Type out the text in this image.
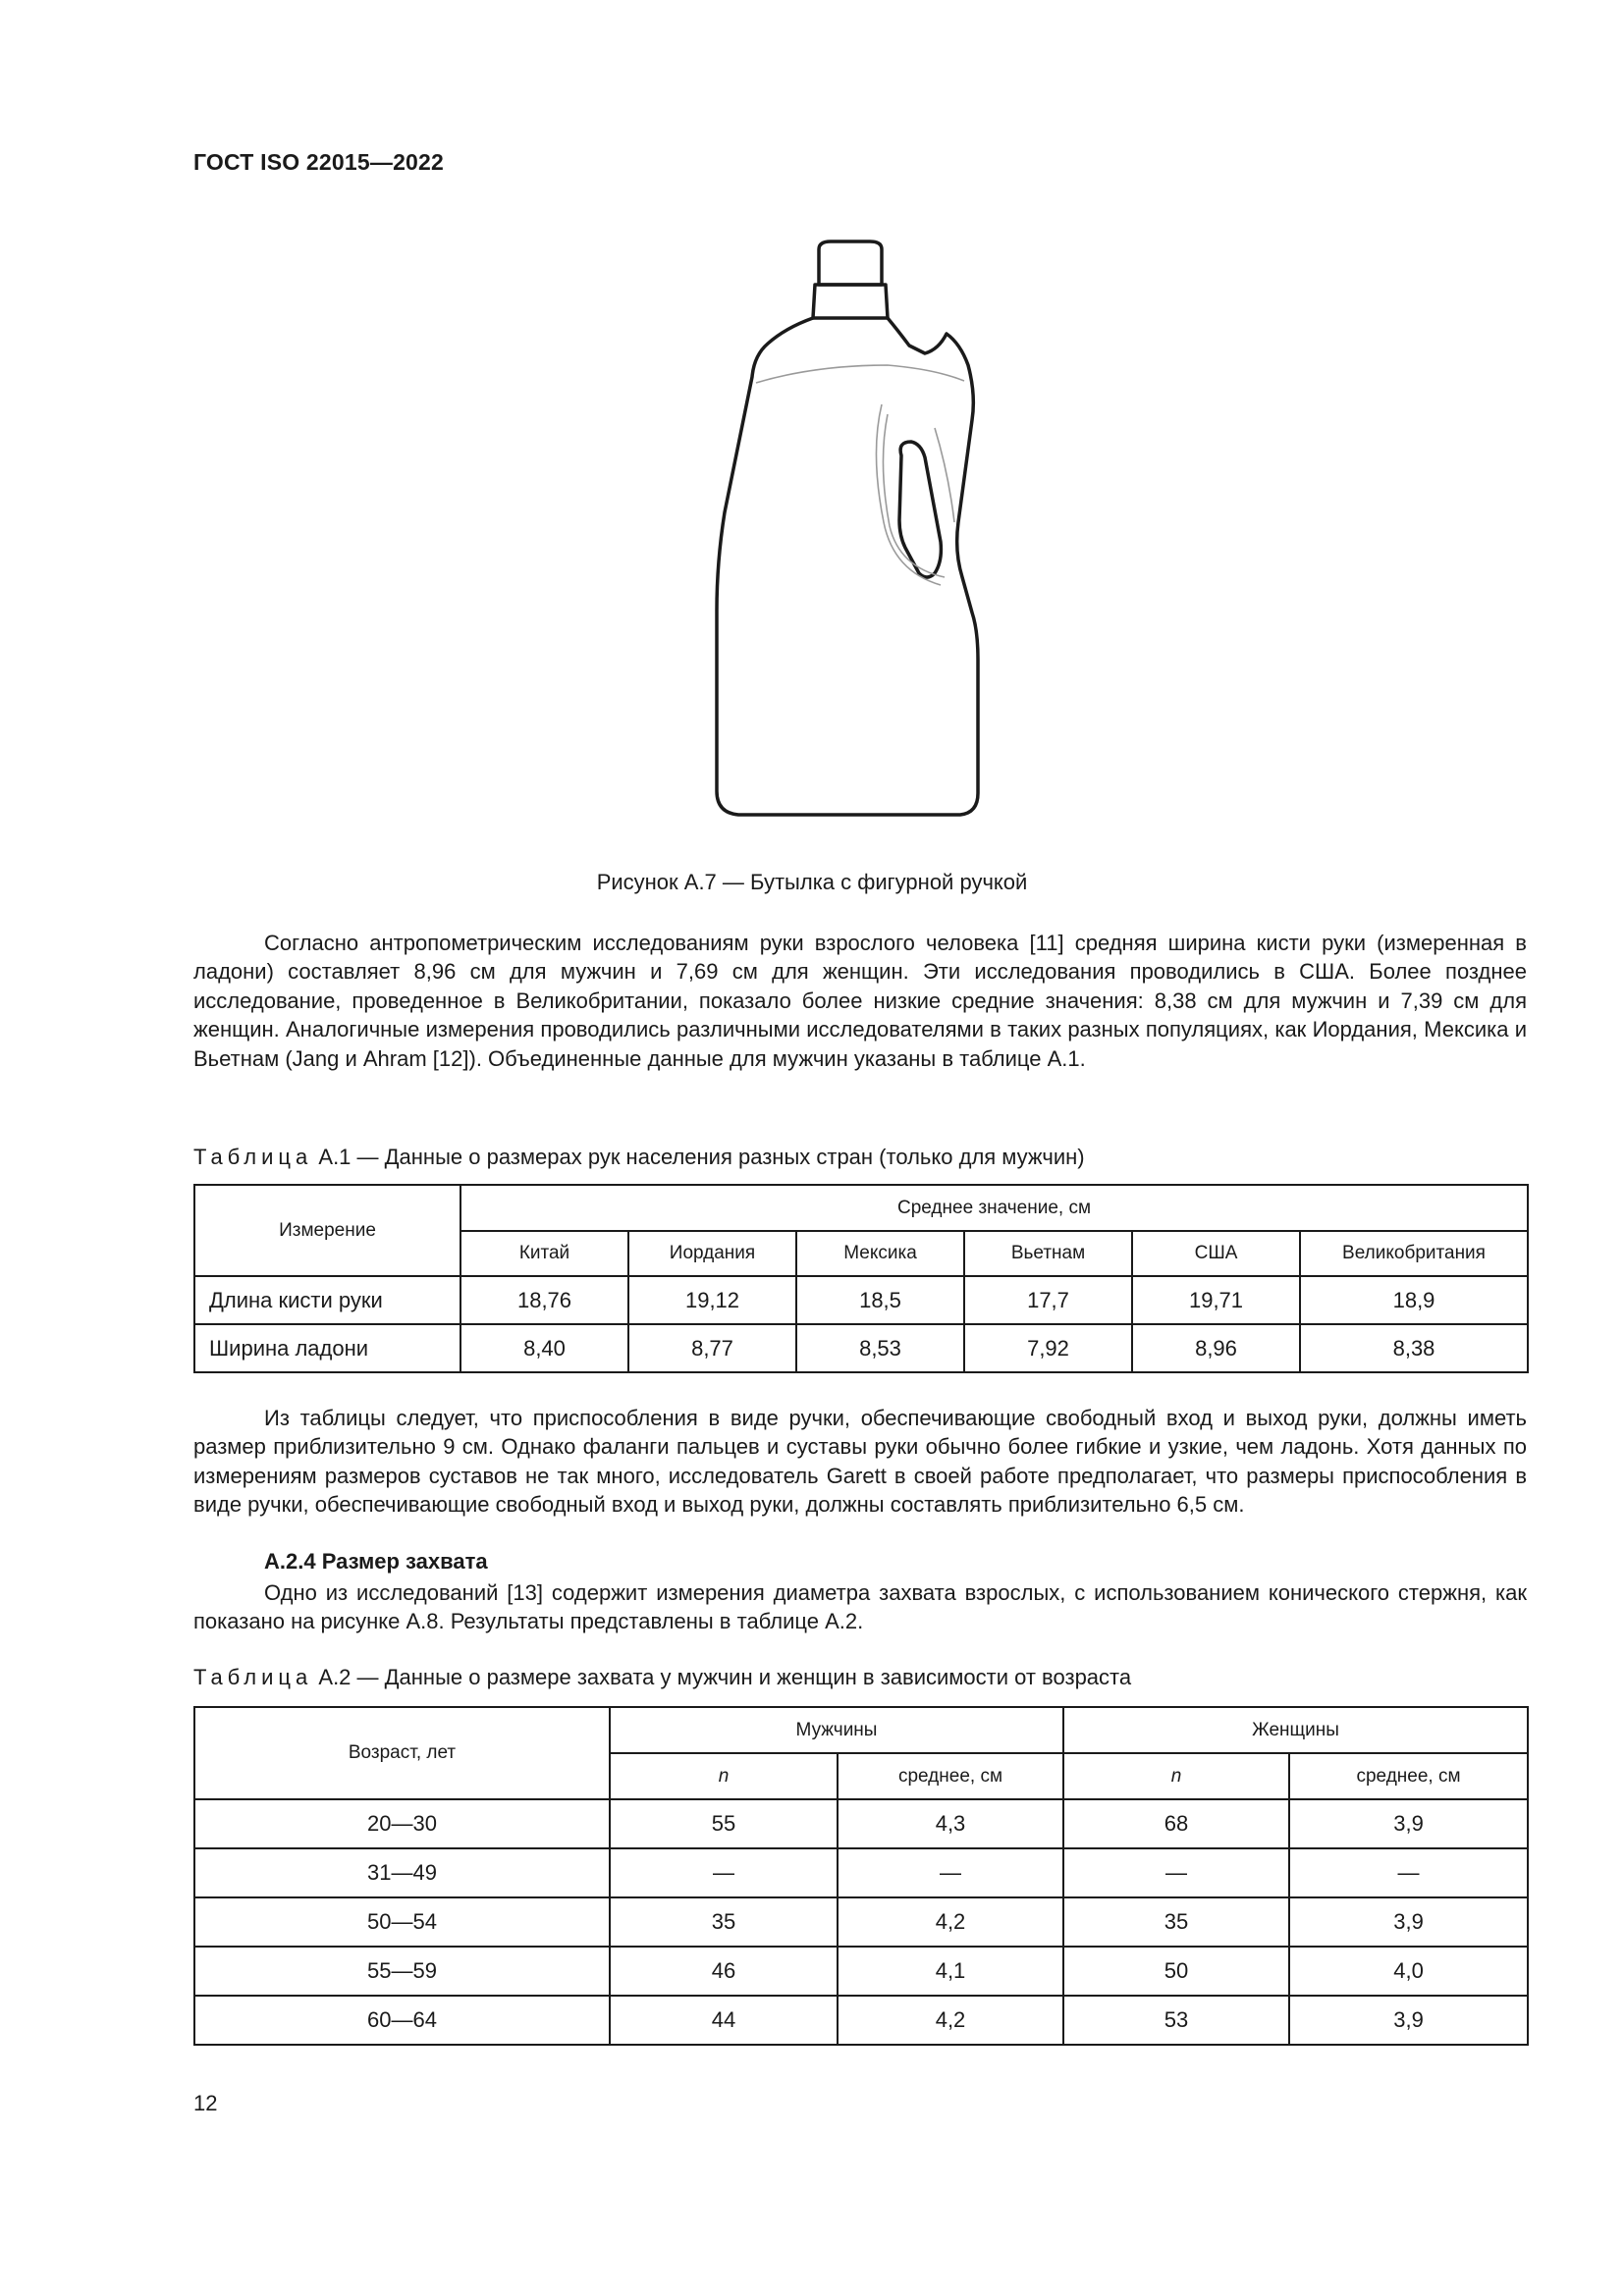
ГОСТ ISO 22015—2022
Рисунок А.7 — Бутылка с фигурной ручкой
Согласно антропометрическим исследованиям руки взрослого человека [11] средняя ширина кисти руки (измеренная в ладони) составляет 8,96 см для мужчин и 7,69 см для женщин. Эти исследования проводились в США. Более позднее исследование, проведенное в Великобритании, показало более низкие средние значения: 8,38 см для мужчин и 7,39 см для женщин. Аналогичные измерения проводились различными исследователями в таких разных популяциях, как Иордания, Мексика и Вьетнам (Jang и Ahram [12]). Объединенные данные для мужчин указаны в таблице А.1.
Таблица А.1 — Данные о размерах рук населения разных стран (только для мужчин)
Измерение	Среднее значение, см					
	Китай	Иордания	Мексика	Вьетнам	США	Великобритания
Длина кисти руки	18,76	19,12	18,5	17,7	19,71	18,9
Ширина ладони	8,40	8,77	8,53	7,92	8,96	8,38
Из таблицы следует, что приспособления в виде ручки, обеспечивающие свободный вход и выход руки, должны иметь размер приблизительно 9 см. Однако фаланги пальцев и суставы руки обычно более гибкие и узкие, чем ладонь. Хотя данных по измерениям размеров суставов не так много, исследователь Garett в своей работе предполагает, что размеры приспособления в виде ручки, обеспечивающие свободный вход и выход руки, должны составлять приблизительно 6,5 см.
А.2.4 Размер захвата
Одно из исследований [13] содержит измерения диаметра захвата взрослых, с использованием конического стержня, как показано на рисунке А.8. Результаты представлены в таблице А.2.
Таблица А.2 — Данные о размере захвата у мужчин и женщин в зависимости от возраста
Возраст, лет	Мужчины		Женщины	
	n	среднее, см	n	среднее, см
20—30	55	4,3	68	3,9
31—49	—	—	—	—
50—54	35	4,2	35	3,9
55—59	46	4,1	50	4,0
60—64	44	4,2	53	3,9
12
